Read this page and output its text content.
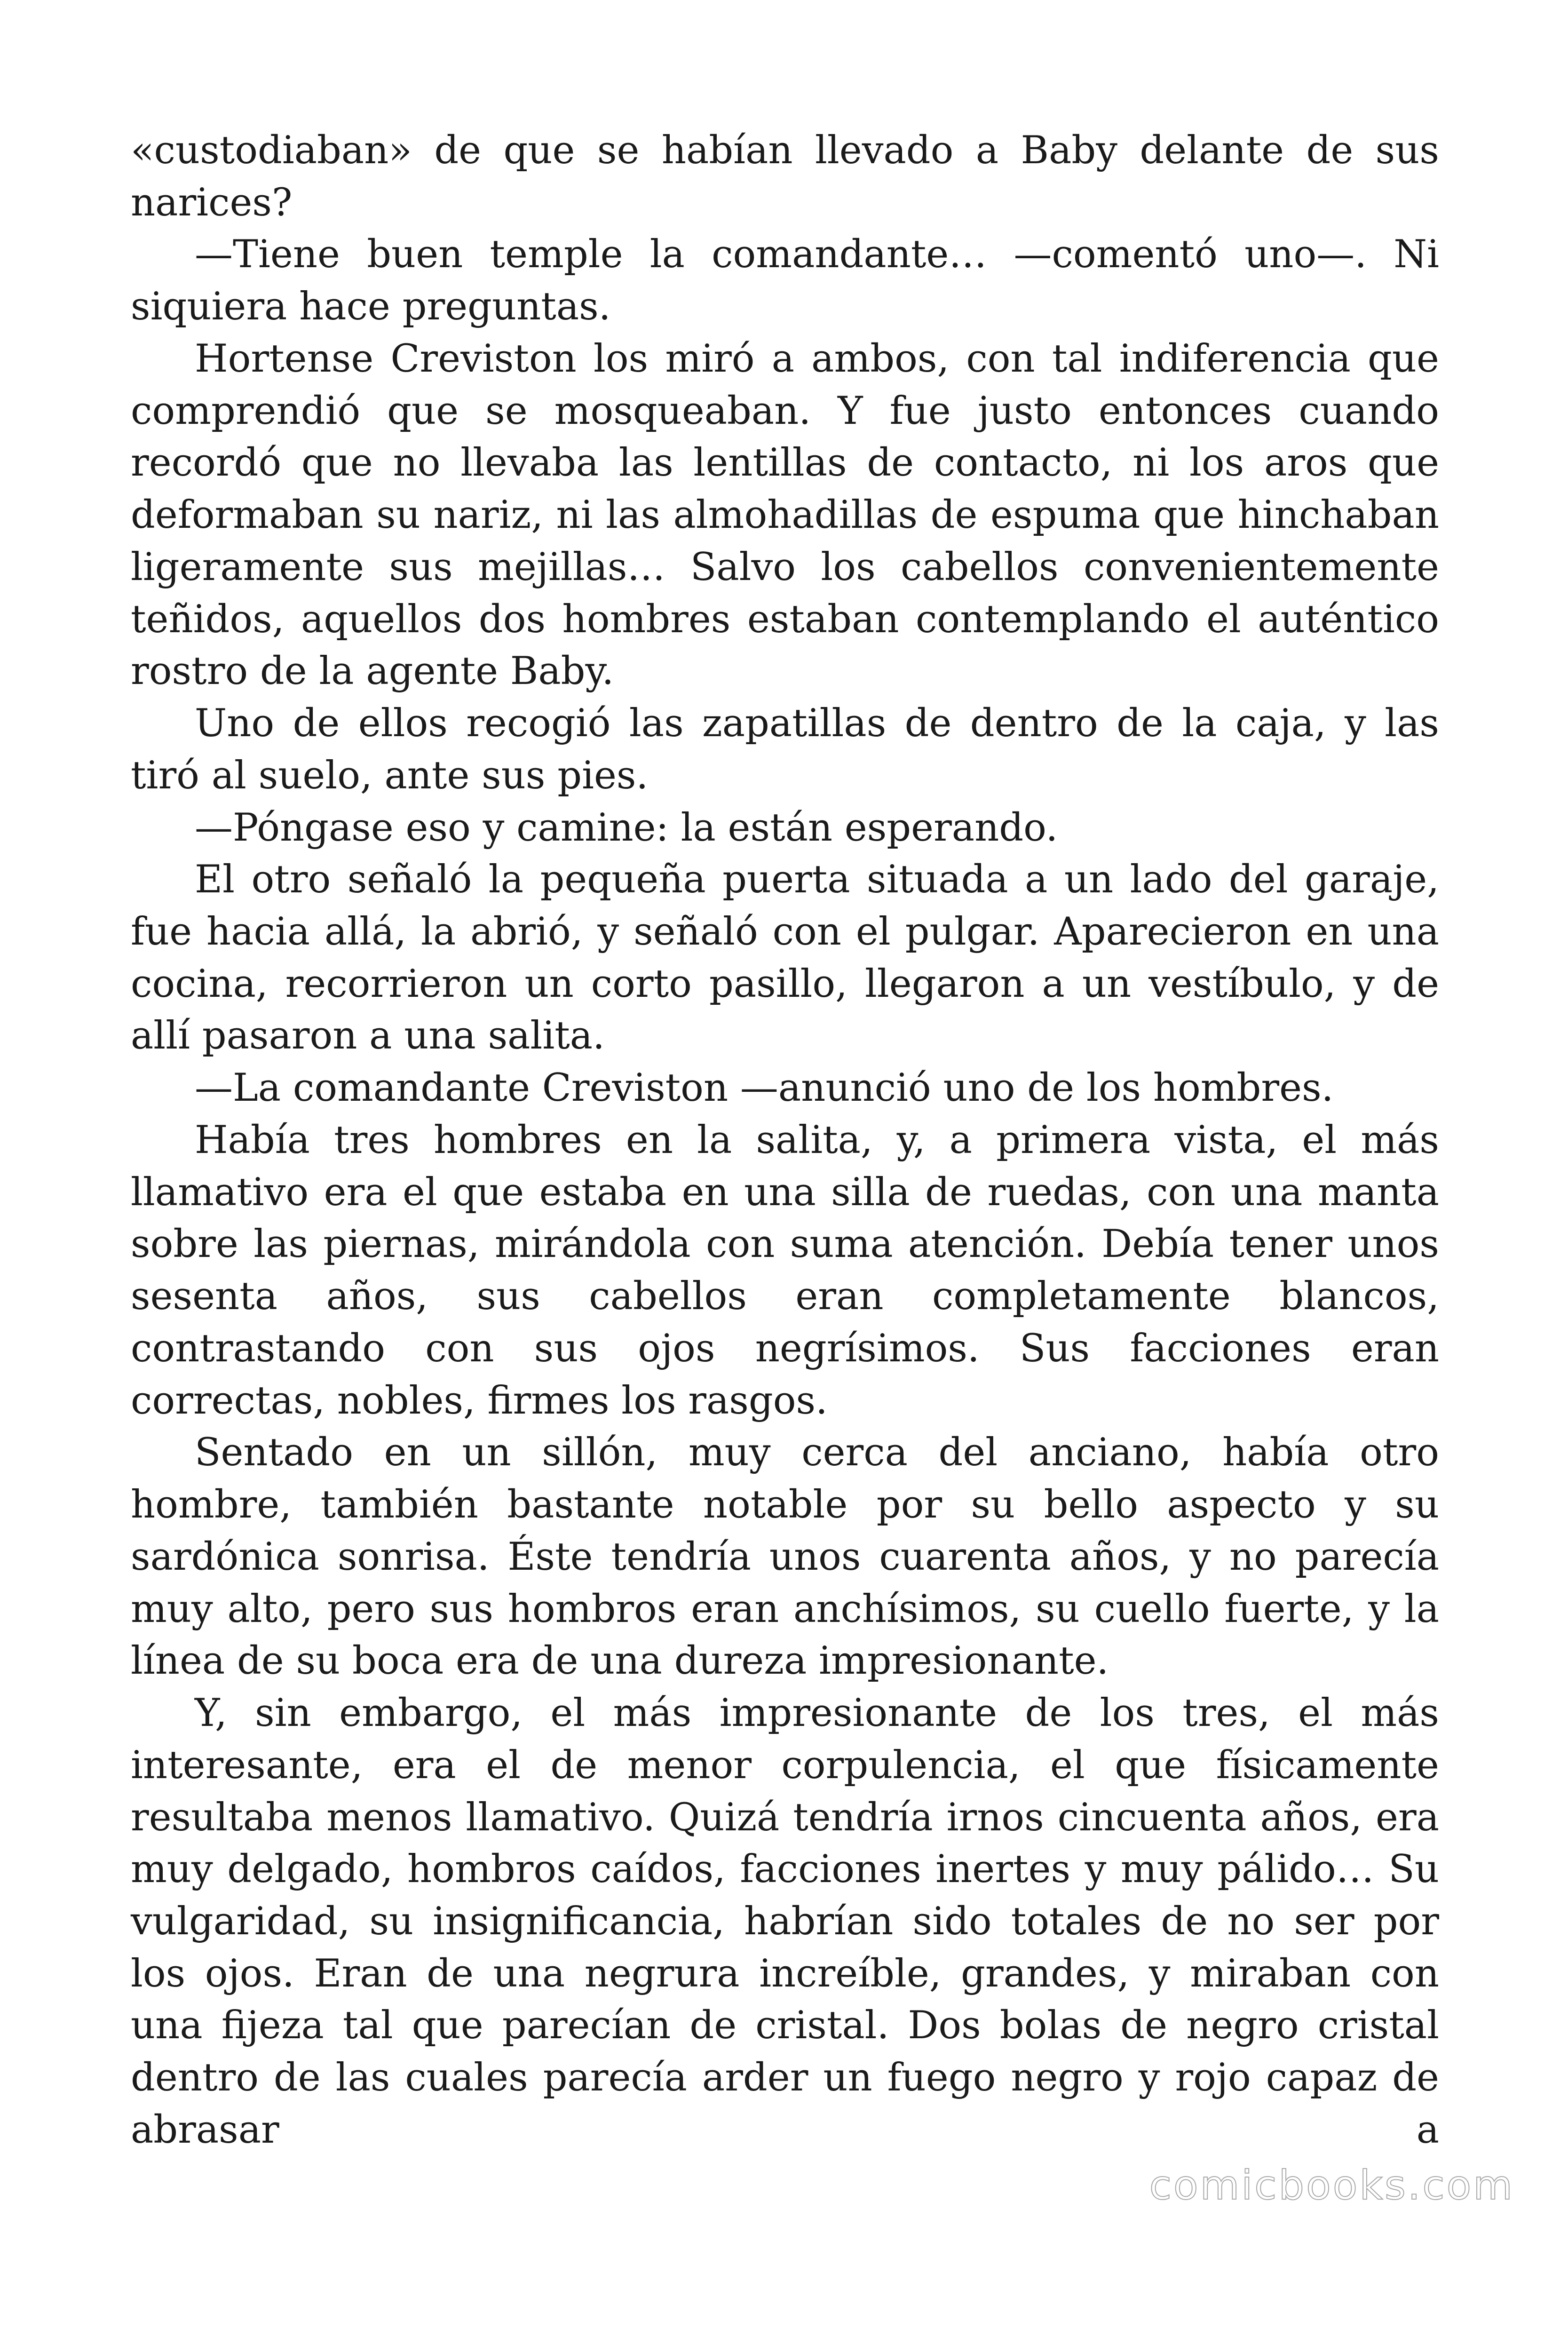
«custodiaban» de que se habían llevado a Baby delante de sus narices?

—Tiene buen temple la comandante… —comentó uno—. Ni siquiera hace preguntas.

Hortense Creviston los miró a ambos, con tal indiferencia que comprendió que se mosqueaban. Y fue justo entonces cuando recordó que no llevaba las lentillas de contacto, ni los aros que deformaban su nariz, ni las almohadillas de espuma que hinchaban ligeramente sus mejillas… Salvo los cabellos convenientemente teñidos, aquellos dos hombres estaban contemplando el auténtico rostro de la agente Baby.

Uno de ellos recogió las zapatillas de dentro de la caja, y las tiró al suelo, ante sus pies.

—Póngase eso y camine: la están esperando.

El otro señaló la pequeña puerta situada a un lado del garaje, fue hacia allá, la abrió, y señaló con el pulgar. Aparecieron en una cocina, recorrieron un corto pasillo, llegaron a un vestíbulo, y de allí pasaron a una salita.

—La comandante Creviston —anunció uno de los hombres.

Había tres hombres en la salita, y, a primera vista, el más llamativo era el que estaba en una silla de ruedas, con una manta sobre las piernas, mirándola con suma atención. Debía tener unos sesenta años, sus cabellos eran completamente blancos, contrastando con sus ojos negrísimos. Sus facciones eran correctas, nobles, firmes los rasgos.

Sentado en un sillón, muy cerca del anciano, había otro hombre, también bastante notable por su bello aspecto y su sardónica sonrisa. Éste tendría unos cuarenta años, y no parecía muy alto, pero sus hombros eran anchísimos, su cuello fuerte, y la línea de su boca era de una dureza impresionante.

Y, sin embargo, el más impresionante de los tres, el más interesante, era el de menor corpulencia, el que físicamente resultaba menos llamativo. Quizá tendría irnos cincuenta años, era muy delgado, hombros caídos, facciones inertes y muy pálido… Su vulgaridad, su insignificancia, habrían sido totales de no ser por los ojos. Eran de una negrura increíble, grandes, y miraban con una fijeza tal que parecían de cristal. Dos bolas de negro cristal dentro de las cuales parecía arder un fuego negro y rojo capaz de abrasar a

comicbooks.com
